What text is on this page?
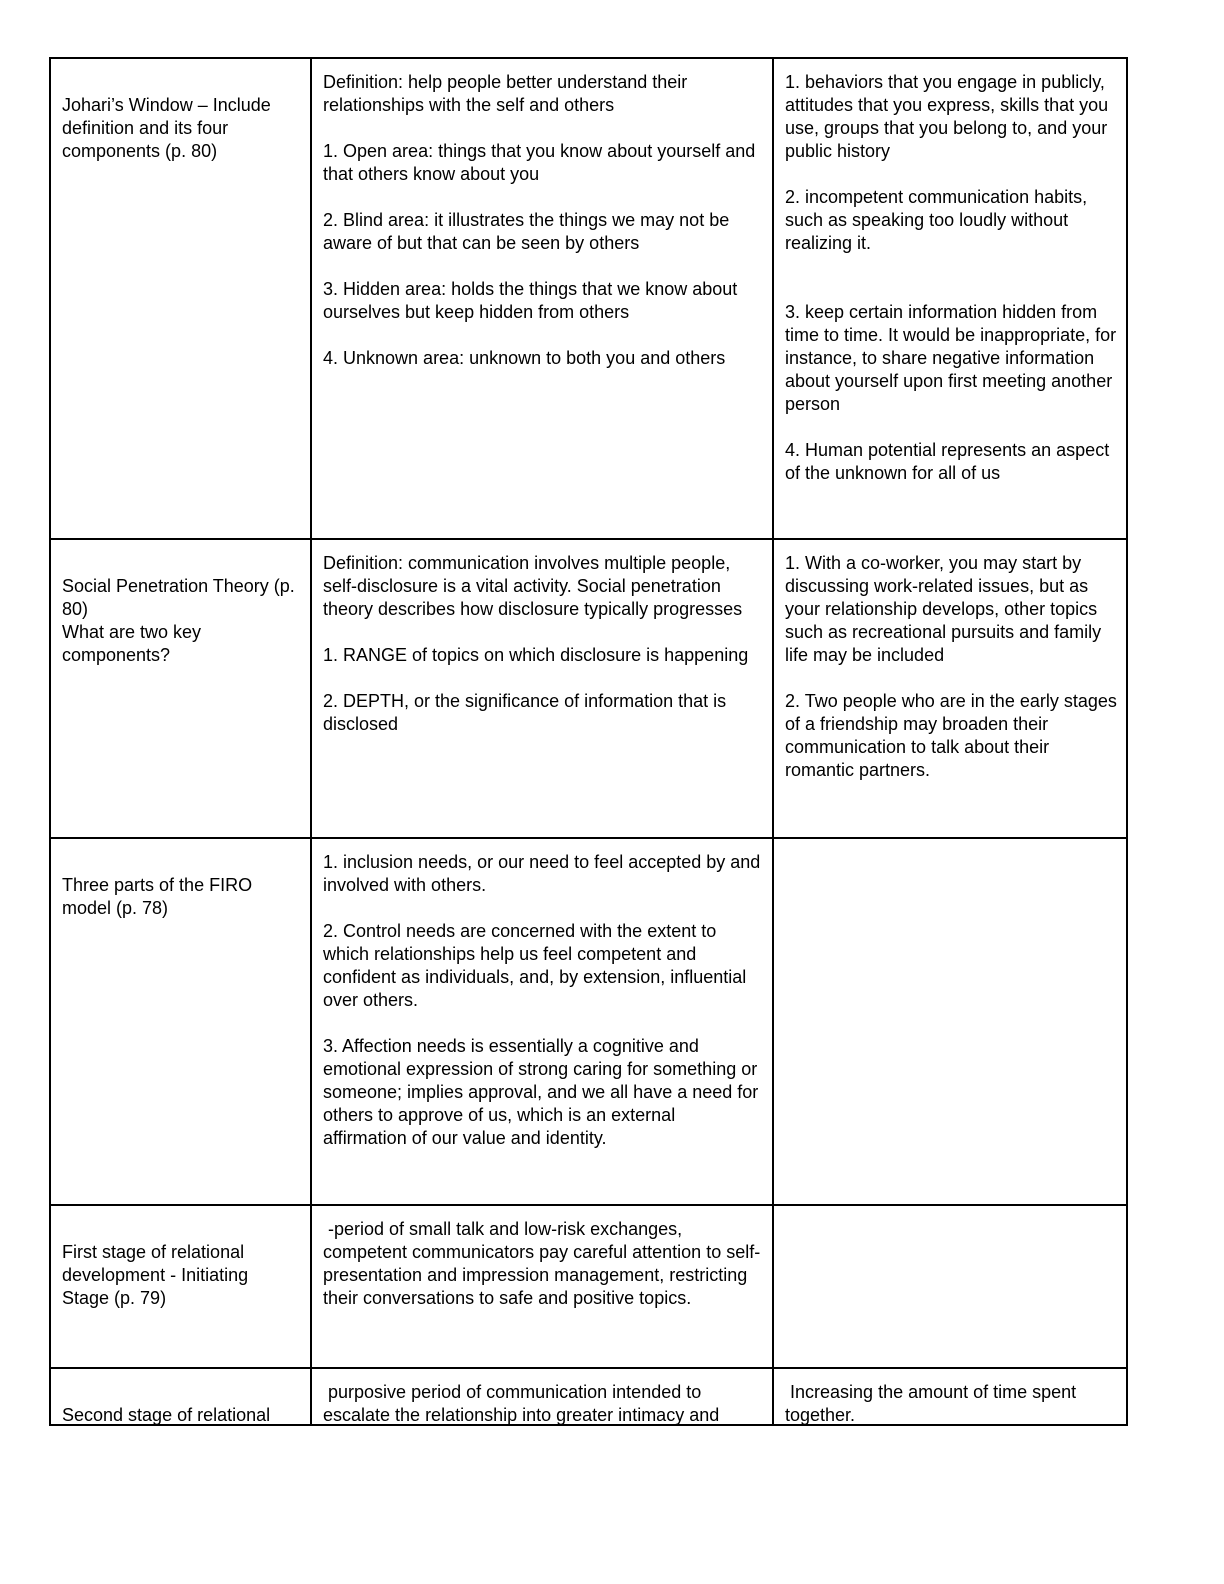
Johari’s Window – Include definition and its four components (p. 80)
Definition: help people better understand their relationships with the self and others
1. Open area: things that you know about yourself and that others know about you
2. Blind area: it illustrates the things we may not be aware of but that can be seen by others
3. Hidden area: holds the things that we know about ourselves but keep hidden from others
4. Unknown area: unknown to both you and others
1. behaviors that you engage in publicly, attitudes that you express, skills that you use, groups that you belong to, and your public history
2. incompetent communication habits, such as speaking too loudly without realizing it.
3. keep certain information hidden from time to time. It would be inappropriate, for instance, to share negative information about yourself upon first meeting another person
4. Human potential represents an aspect of the unknown for all of us
Social Penetration Theory (p. 80)
What are two key components?
Definition: communication involves multiple people, self-disclosure is a vital activity. Social penetration theory describes how disclosure typically progresses
1. RANGE of topics on which disclosure is happening
2. DEPTH, or the significance of information that is disclosed
1. With a co-worker, you may start by discussing work-related issues, but as your relationship develops, other topics such as recreational pursuits and family life may be included
2. Two people who are in the early stages of a friendship may broaden their communication to talk about their romantic partners.
Three parts of the FIRO model (p. 78)
1. inclusion needs, or our need to feel accepted by and involved with others.
2. Control needs are concerned with the extent to which relationships help us feel competent and confident as individuals, and, by extension, influential over others.
3. Affection needs is essentially a cognitive and emotional expression of strong caring for something or someone; implies approval, and we all have a need for others to approve of us, which is an external affirmation of our value and identity.
First stage of relational development - Initiating Stage (p. 79)
-period of small talk and low-risk exchanges, competent communicators pay careful attention to self-presentation and impression management, restricting their conversations to safe and positive topics.
Second stage of relational
purposive period of communication intended to escalate the relationship into greater intimacy and
Increasing the amount of time spent together.
